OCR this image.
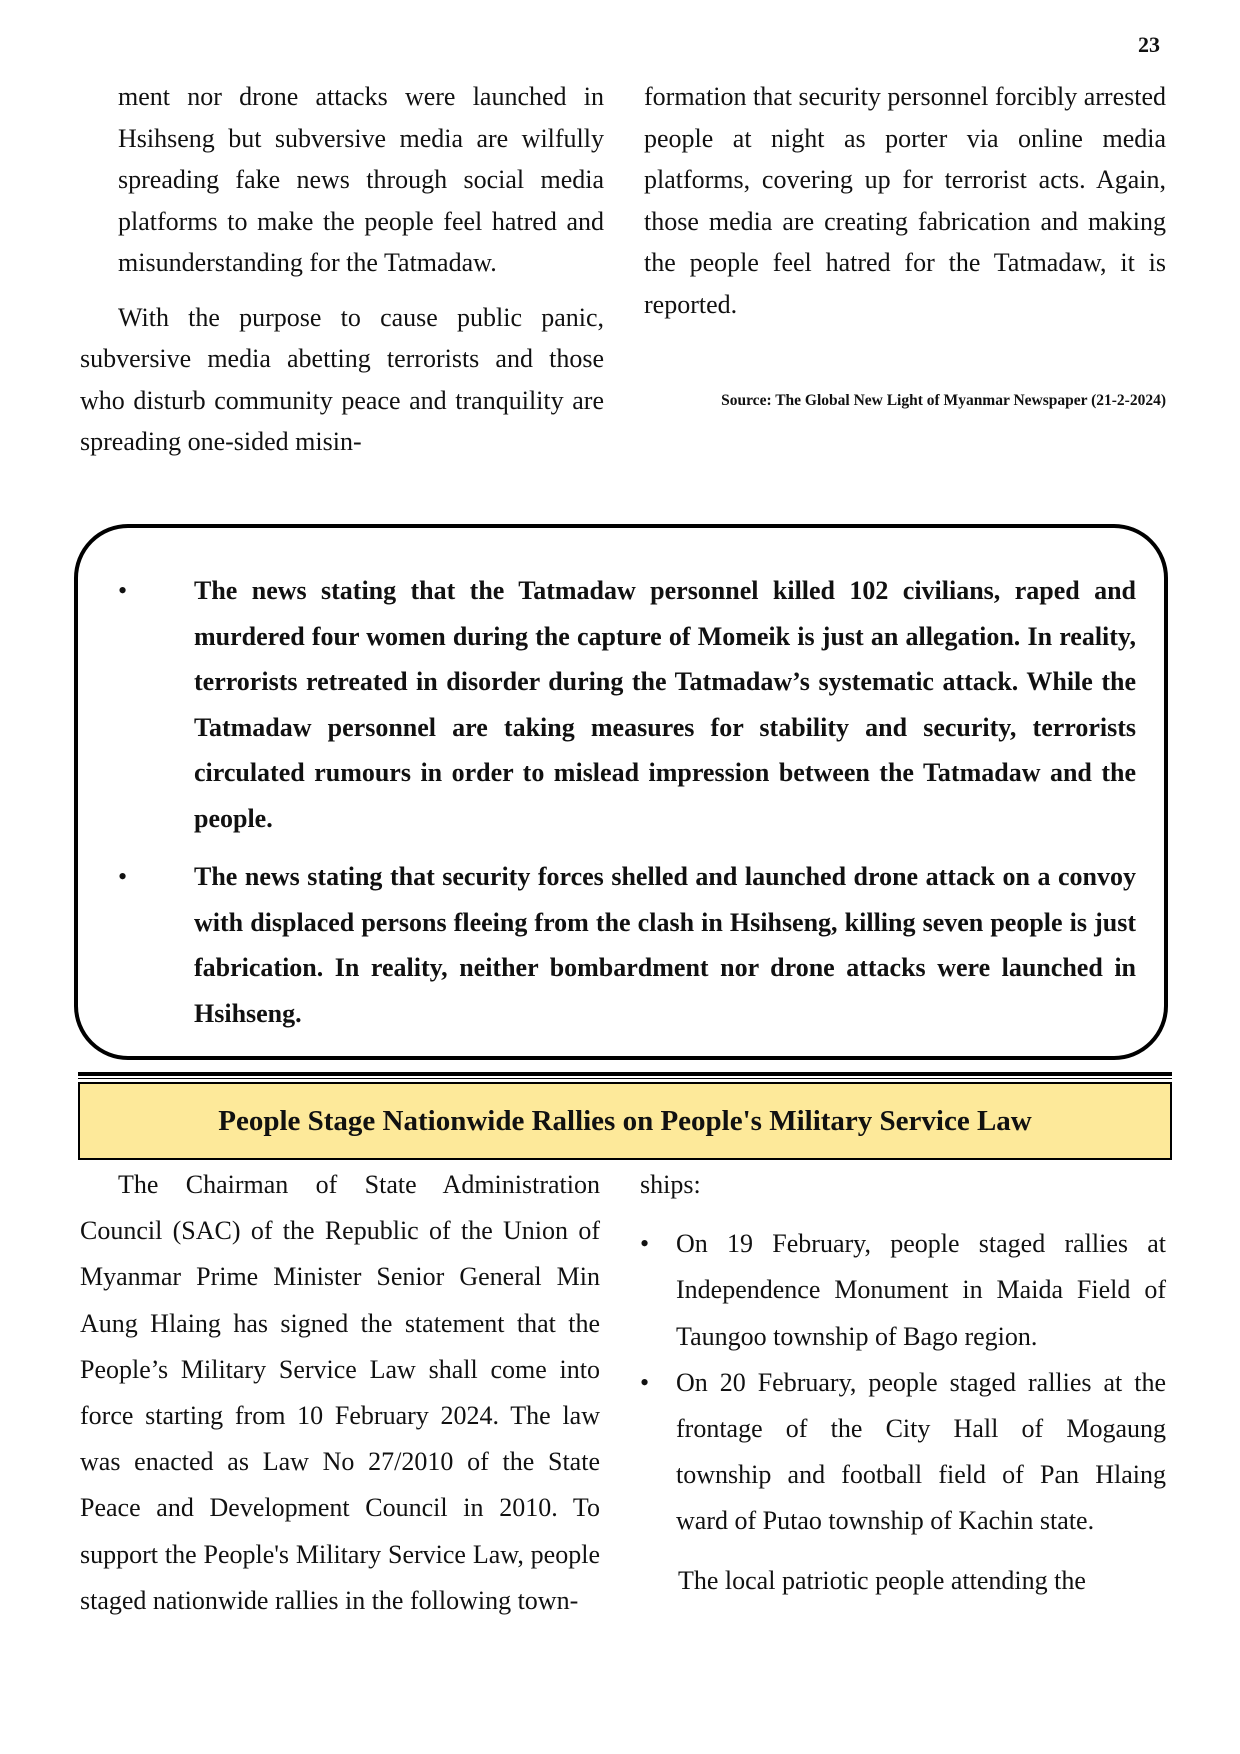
23

ment nor drone attacks were launched in Hsihseng but subversive media are wilfully spreading fake news through social media platforms to make the people feel hatred and misunderstanding for the Tatmadaw.

With the purpose to cause public panic, subversive media abetting terrorists and those who disturb community peace and tranquility are spreading one-sided misin-

formation that security personnel forcibly arrested people at night as porter via online media platforms, covering up for terrorist acts. Again, those media are creating fabrication and making the people feel hatred for the Tatmadaw, it is reported.

Source: The Global New Light of Myanmar Newspaper (21-2-2024)
•	The news stating that the Tatmadaw personnel killed 102 civilians, raped and murdered four women during the capture of Momeik is just an allegation. In reality, terrorists retreated in disorder during the Tatmadaw’s systematic attack. While the Tatmadaw personnel are taking measures for stability and security, terrorists circulated rumours in order to mislead impression between the Tatmadaw and the people.
•	The news stating that security forces shelled and launched drone attack on a convoy with displaced persons fleeing from the clash in Hsihseng, killing seven people is just fabrication. In reality, neither bombardment nor drone attacks were launched in Hsihseng.
People Stage Nationwide Rallies on People's Military Service Law

The Chairman of State Administration Council (SAC) of the Republic of the Union of Myanmar Prime Minister Senior General Min Aung Hlaing has signed the statement that the People’s Military Service Law shall come into force starting from 10 February 2024. The law was enacted as Law No 27/2010 of the State Peace and Development Council in 2010. To support the People's Military Service Law, people staged nationwide rallies in the following town-

ships:

• On 19 February, people staged rallies at Independence Monument in Maida Field of Taungoo township of Bago region.
• On 20 February, people staged rallies at the frontage of the City Hall of Mogaung township and football field of Pan Hlaing ward of Putao township of Kachin state.

The local patriotic people attending the
